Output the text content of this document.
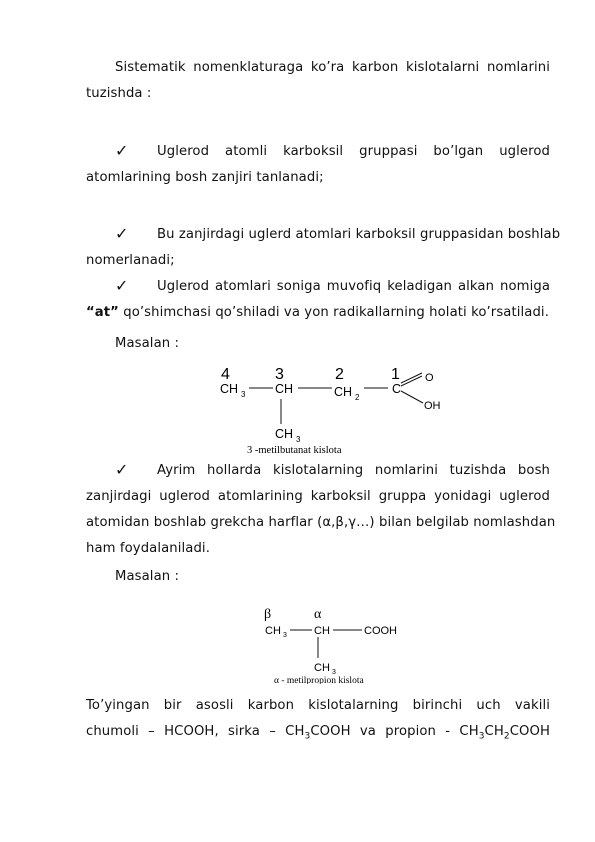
Sistematik nomenklaturaga ko’ra karbon kislotalarni nomlarini
tuzishda :
✓ Uglerod atomli karboksil gruppasi bo’lgan uglerod
atomlarining bosh zanjiri tanlanadi;
✓ Bu zanjirdagi uglerd atomlari karboksil gruppasidan boshlab
nomerlanadi;
✓ Uglerod atomlari soniga muvofiq keladigan alkan nomiga
“at” qo’shimchasi qo’shiladi va yon radikallarning holati ko’rsatiladi.
Masalan :
4	3	2	1
CH 3 CH	CH 2
C
O
OH
CH 3
3 -metilbutanat kislota
✓ Ayrim hollarda kislotalarning nomlarini tuzishda bosh
zanjirdagi uglerod atomlarining karboksil gruppa yonidagi uglerod
atomidan boshlab grekcha harflar (α,β,γ…) bilan belgilab nomlashdan
ham foydalaniladi.
Masalan :
β	α
CH 3 CH	COOH
CH 3
α - metilpropion kislota
To’yingan bir asosli karbon kislotalarning birinchi uch vakili
chumoli – HCOOH, sirka – $CH_3COOH$ va propion - $CH_3CH_2COOH$
